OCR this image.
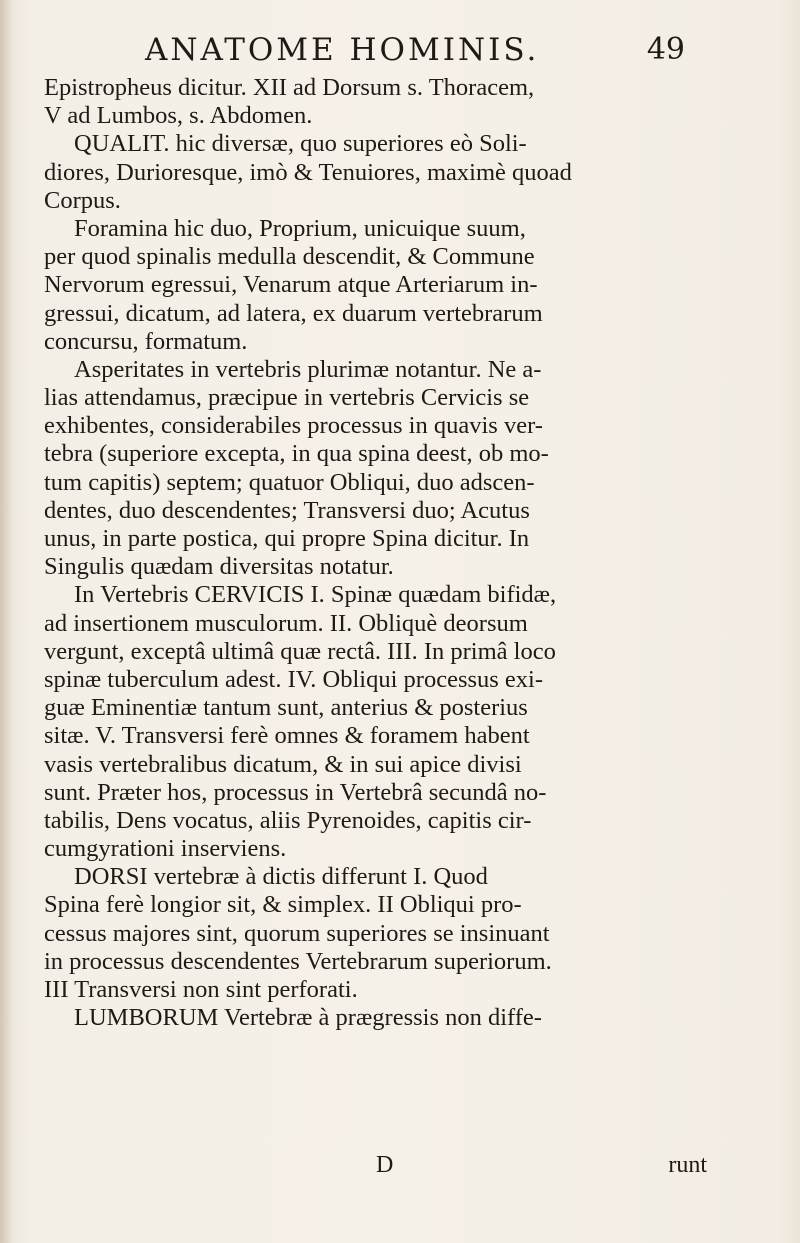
ANATOME HOMINIS.	49
Epistropheus dicitur. XII ad Dorsum s. Thoracem,
V ad Lumbos, s. Abdomen.
QUALIT. hic diversæ, quo superiores eò Soli-
diores, Durioresque, imò & Tenuiores, maximè quoad
Corpus.
Foramina hic duo, Proprium, unicuique suum,
per quod spinalis medulla descendit, & Commune
Nervorum egressui, Venarum atque Arteriarum in-
gressui, dicatum, ad latera, ex duarum vertebrarum
concursu, formatum.
Asperitates in vertebris plurimæ notantur. Ne a-
lias attendamus, præcipue in vertebris Cervicis se
exhibentes, considerabiles processus in quavis ver-
tebra (superiore excepta, in qua spina deest, ob mo-
tum capitis) septem; quatuor Obliqui, duo adscen-
dentes, duo descendentes; Transversi duo; Acutus
unus, in parte postica, qui propre Spina dicitur. In
Singulis quædam diversitas notatur.
In Vertebris CERVICIS I. Spinæ quædam bifidæ,
ad insertionem musculorum. II. Obliquè deorsum
vergunt, exceptâ ultimâ quæ rectâ. III. In primâ loco
spinæ tuberculum adest. IV. Obliqui processus exi-
guæ Eminentiæ tantum sunt, anterius & posterius
sitæ. V. Transversi ferè omnes & foramem habent
vasis vertebralibus dicatum, & in sui apice divisi
sunt. Præter hos, processus in Vertebrâ secundâ no-
tabilis, Dens vocatus, aliis Pyrenoides, capitis cir-
cumgyrationi inserviens.
DORSI vertebræ à dictis differunt I. Quod
Spina ferè longior sit, & simplex. II Obliqui pro-
cessus majores sint, quorum superiores se insinuant
in processus descendentes Vertebrarum superiorum.
III Transversi non sint perforati.
LUMBORUM Vertebræ à prægressis non diffe-
D	runt
